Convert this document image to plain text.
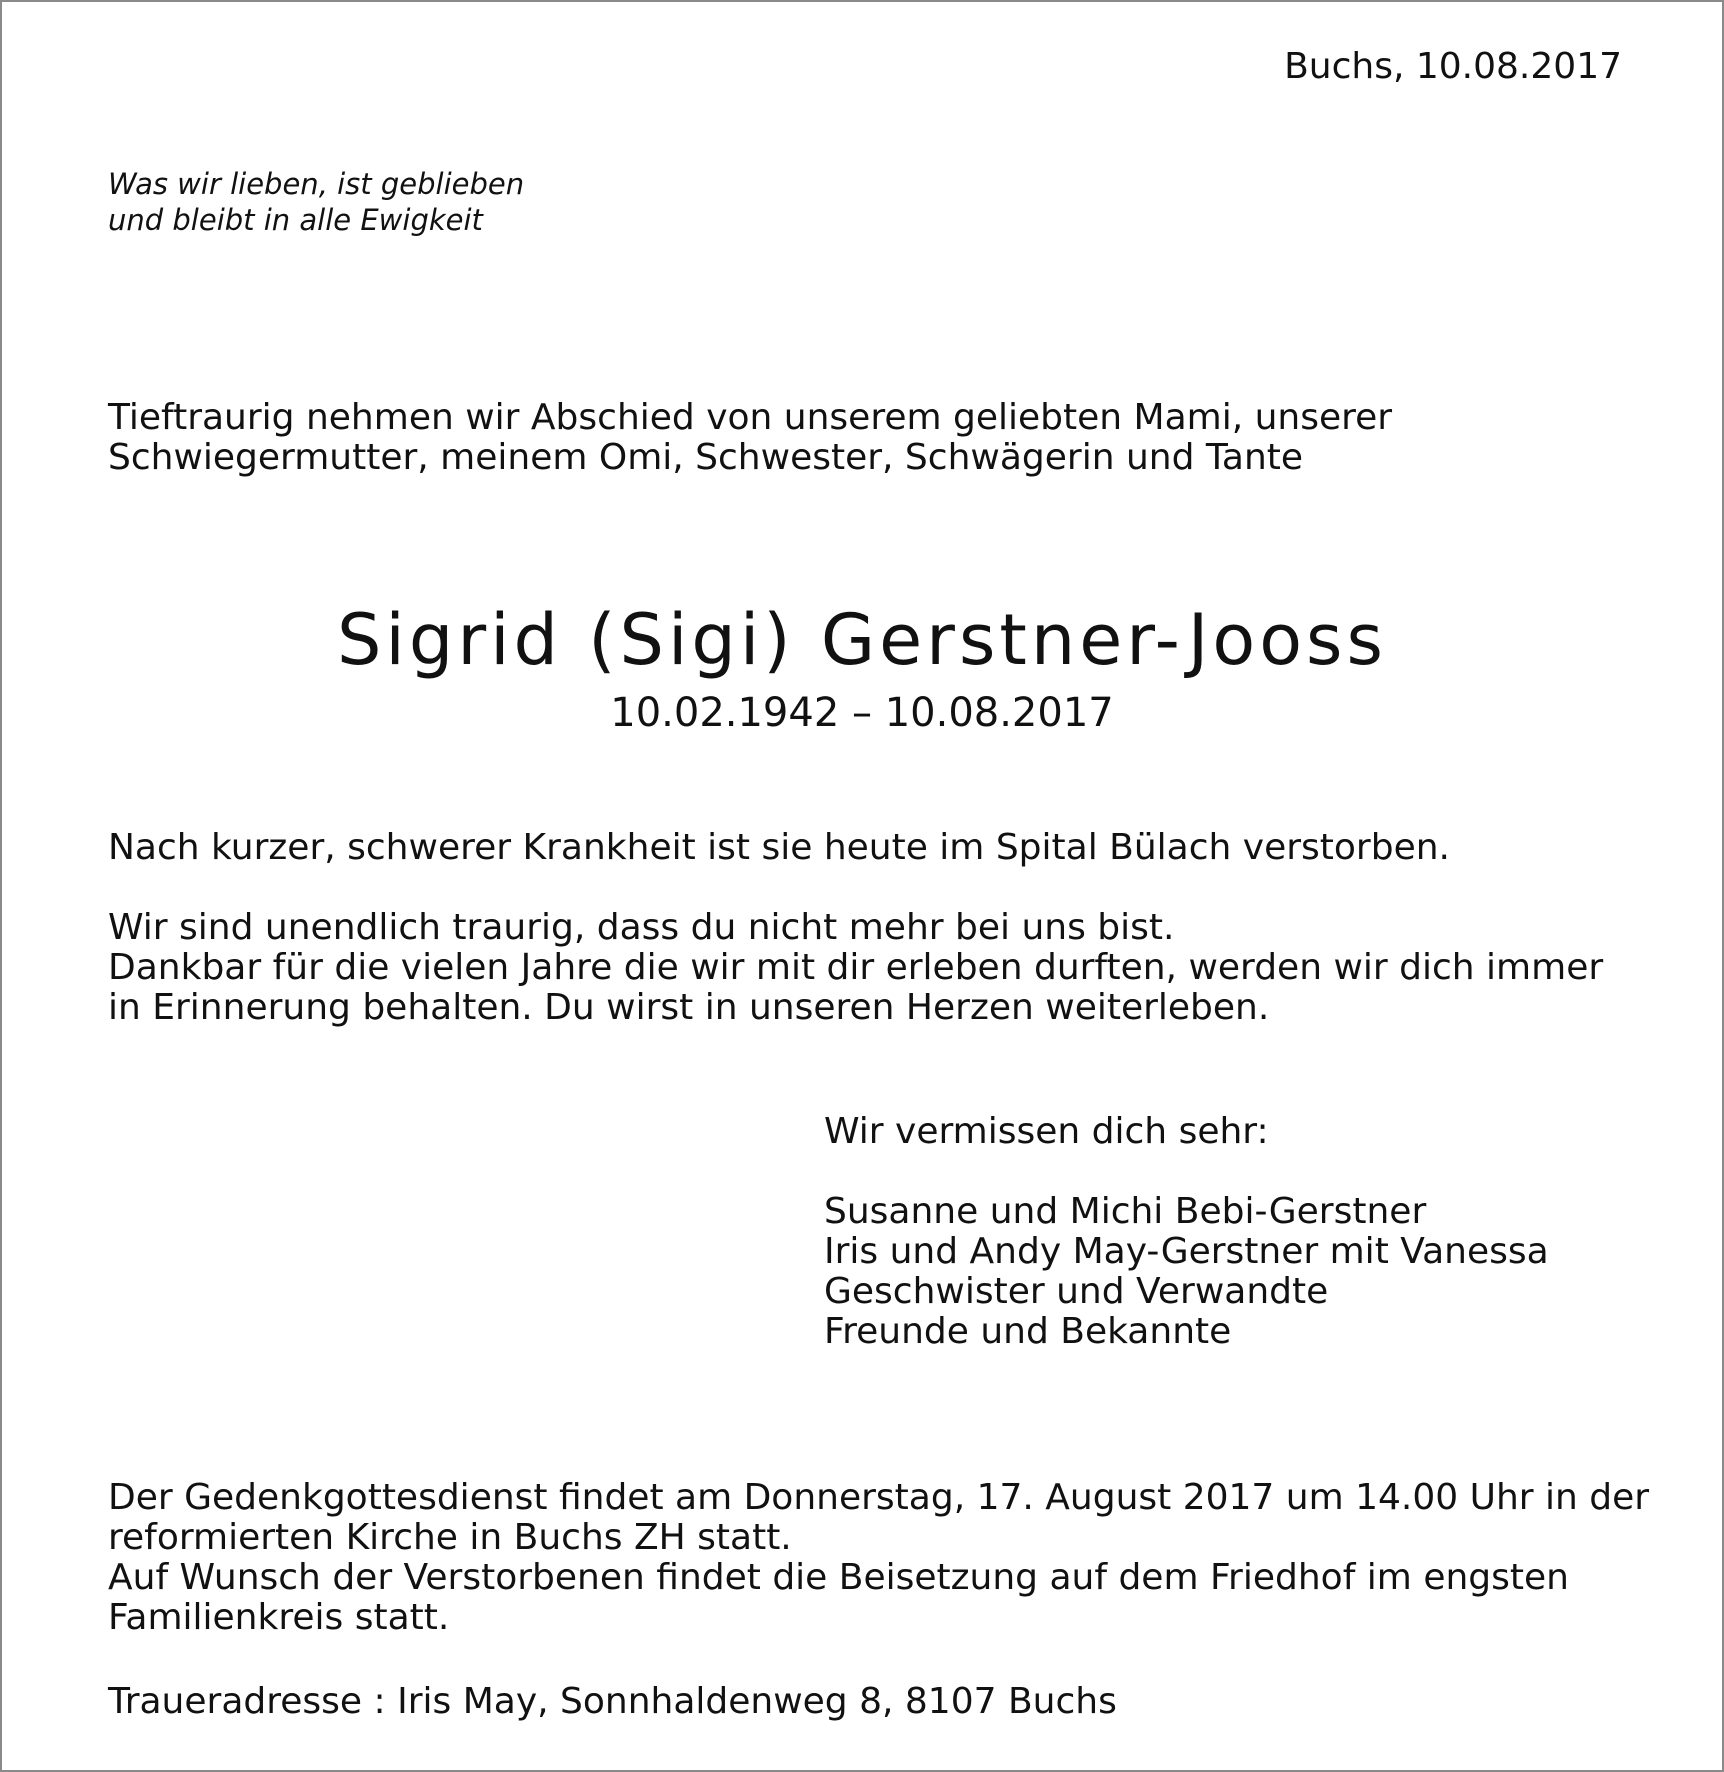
Buchs, 10.08.2017
Was wir lieben, ist geblieben
und bleibt in alle Ewigkeit
Tieftraurig nehmen wir Abschied von unserem geliebten Mami, unserer
Schwiegermutter, meinem Omi, Schwester, Schwägerin und Tante
Sigrid (Sigi) Gerstner-Jooss
10.02.1942 – 10.08.2017
Nach kurzer, schwerer Krankheit ist sie heute im Spital Bülach verstorben.
Wir sind unendlich traurig, dass du nicht mehr bei uns bist.
Dankbar für die vielen Jahre die wir mit dir erleben durften, werden wir dich immer
in Erinnerung behalten. Du wirst in unseren Herzen weiterleben.
Wir vermissen dich sehr:
Susanne und Michi Bebi-Gerstner
Iris und Andy May-Gerstner mit Vanessa
Geschwister und Verwandte
Freunde und Bekannte
Der Gedenkgottesdienst findet am Donnerstag, 17. August 2017 um 14.00 Uhr in der
reformierten Kirche in Buchs ZH statt.
Auf Wunsch der Verstorbenen findet die Beisetzung auf dem Friedhof im engsten
Familienkreis statt.
Traueradresse : Iris May, Sonnhaldenweg 8, 8107 Buchs
